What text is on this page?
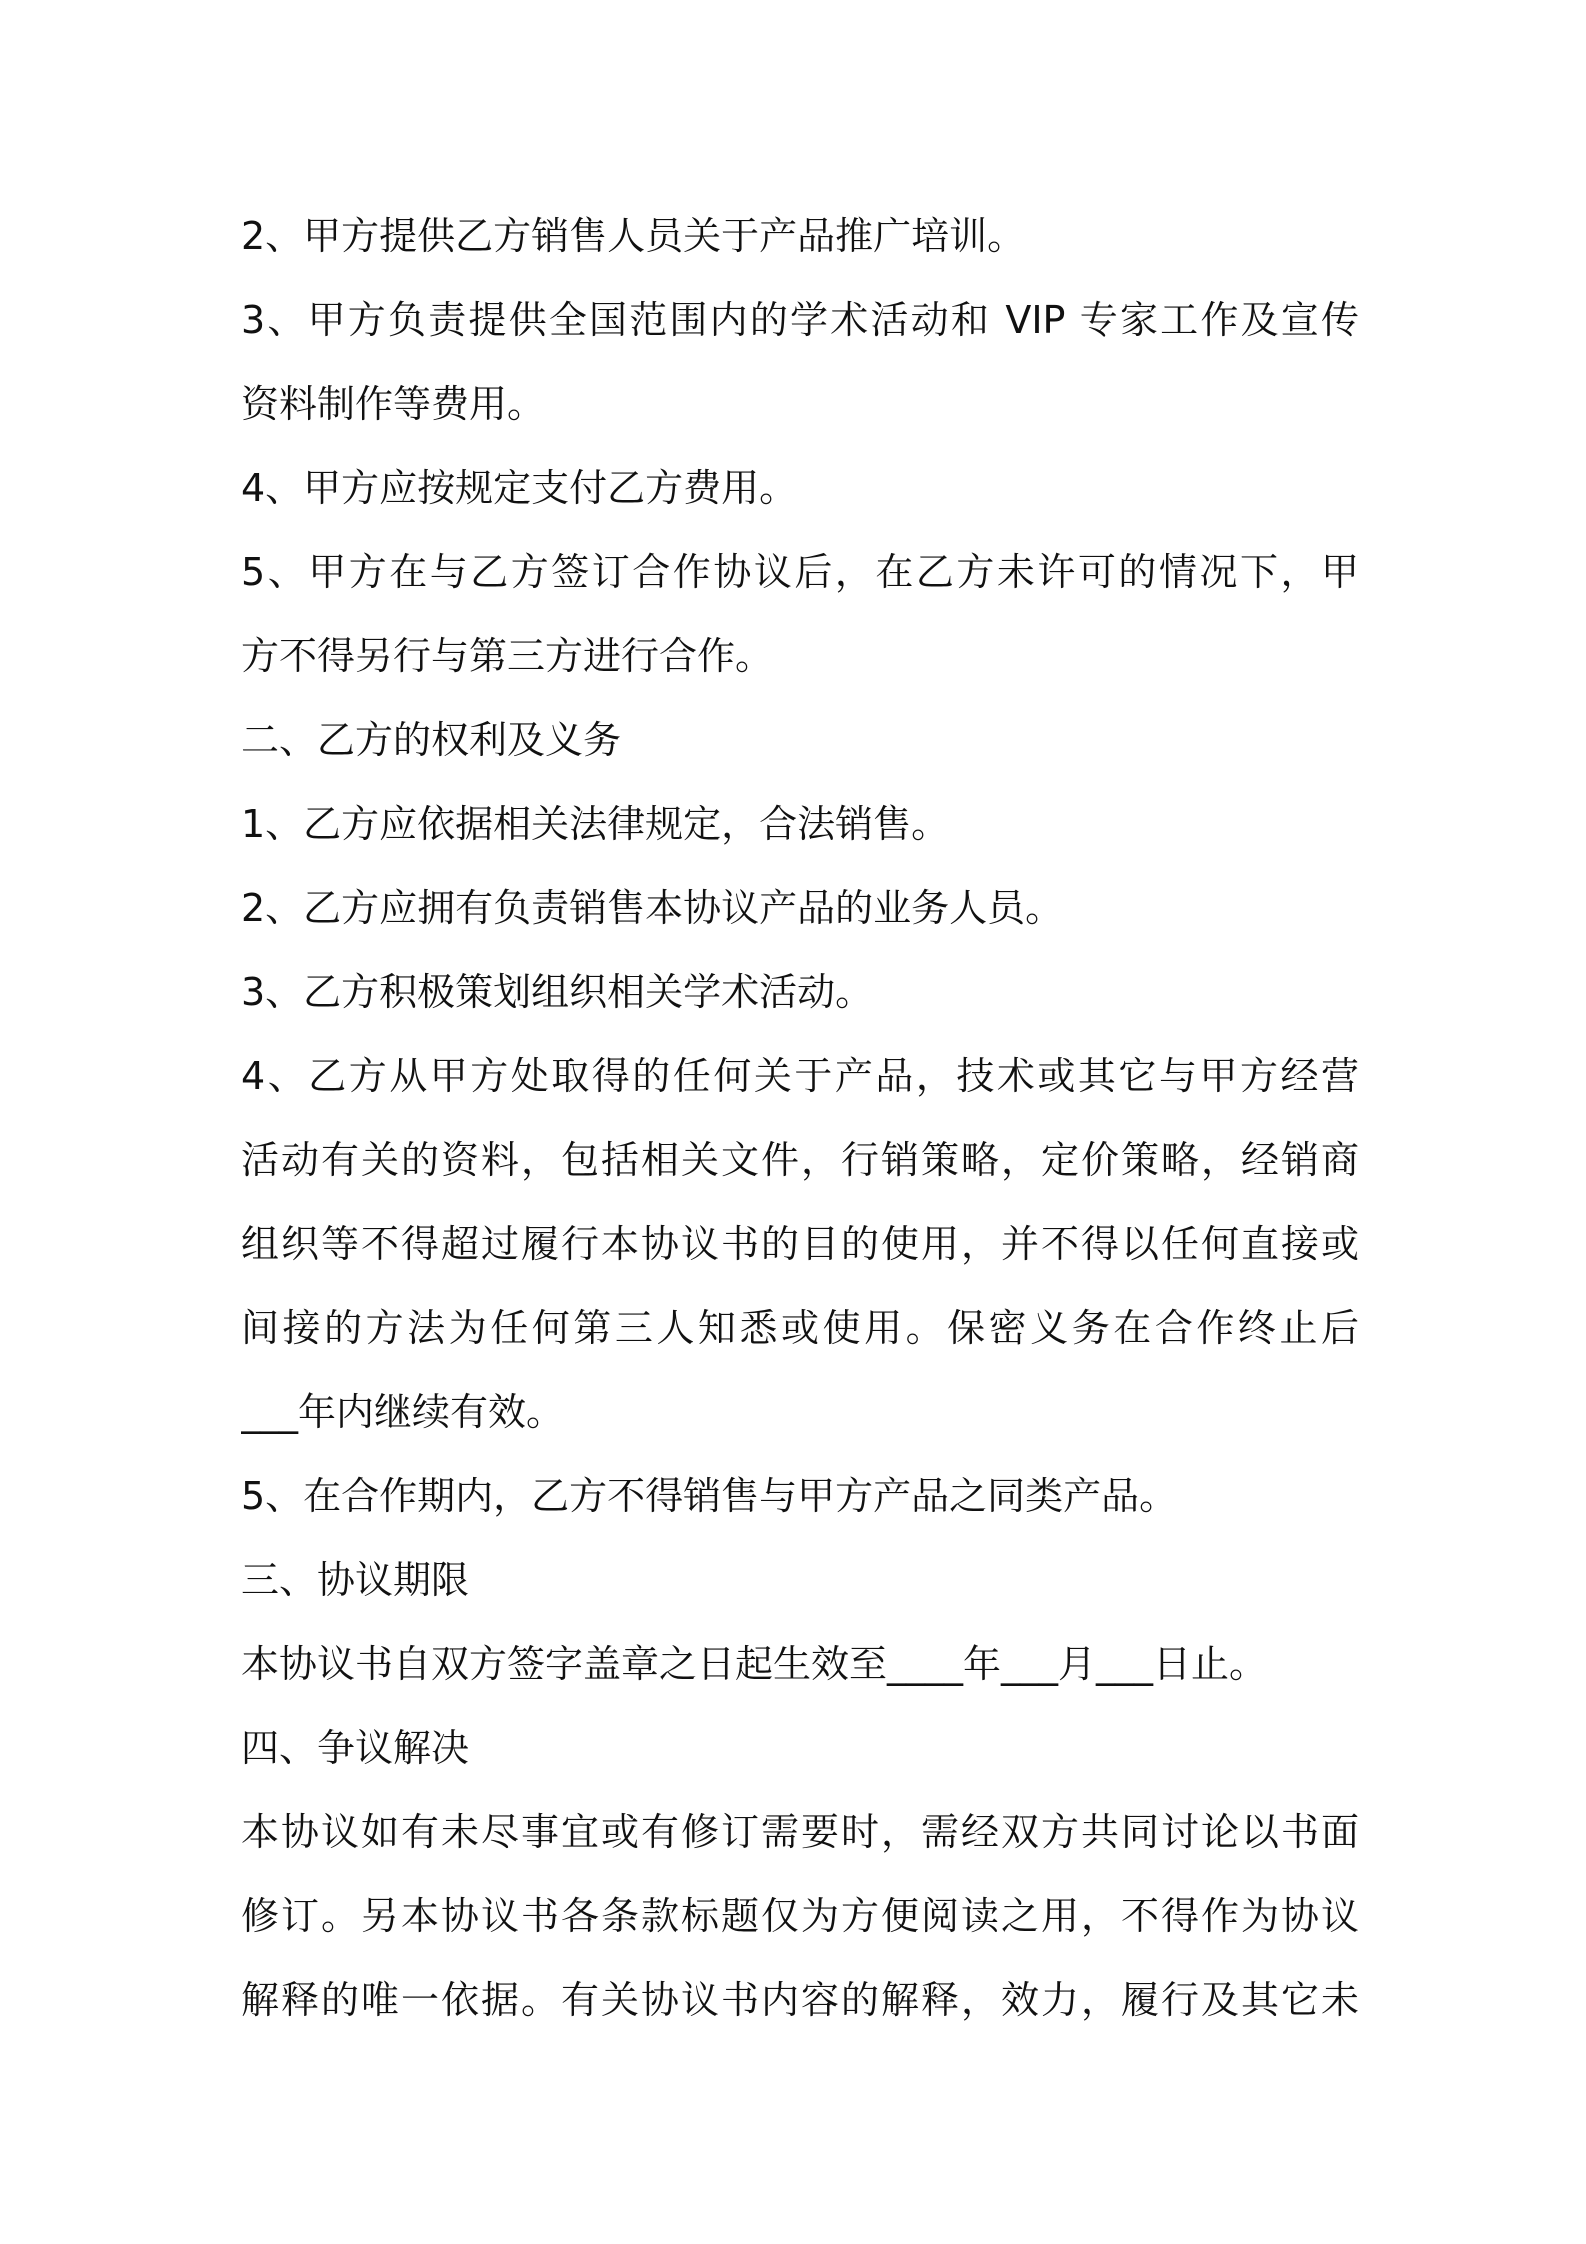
2、甲方提供乙方销售人员关于产品推广培训。
3、甲方负责提供全国范围内的学术活动和 VIP 专家工作及宣传
资料制作等费用。
4、甲方应按规定支付乙方费用。
5、甲方在与乙方签订合作协议后，在乙方未许可的情况下，甲
方不得另行与第三方进行合作。
二、乙方的权利及义务
1、乙方应依据相关法律规定，合法销售。
2、乙方应拥有负责销售本协议产品的业务人员。
3、乙方积极策划组织相关学术活动。
4、乙方从甲方处取得的任何关于产品，技术或其它与甲方经营
活动有关的资料，包括相关文件，行销策略，定价策略，经销商
组织等不得超过履行本协议书的目的使用，并不得以任何直接或
间接的方法为任何第三人知悉或使用。保密义务在合作终止后
___年内继续有效。
5、在合作期内，乙方不得销售与甲方产品之同类产品。
三、协议期限
本协议书自双方签字盖章之日起生效至____年___月___日止。
四、争议解决
本协议如有未尽事宜或有修订需要时，需经双方共同讨论以书面
修订。另本协议书各条款标题仅为方便阅读之用，不得作为协议
解释的唯一依据。有关协议书内容的解释，效力，履行及其它未
